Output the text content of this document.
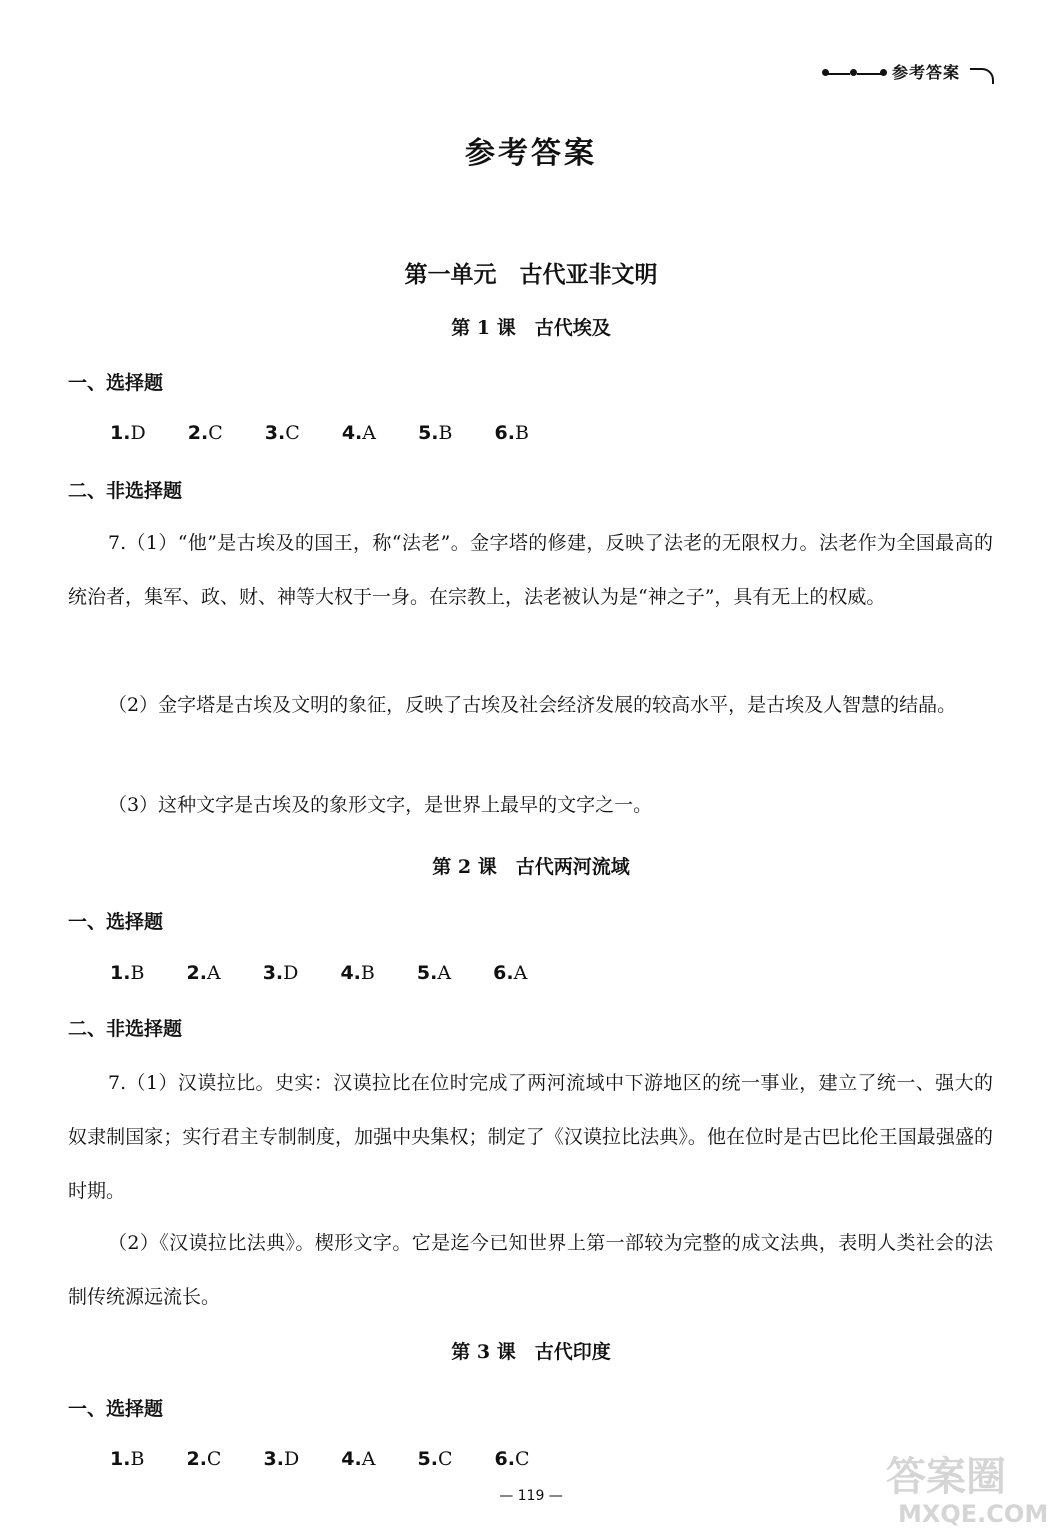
参考答案
参考答案
第一单元　古代亚非文明
第 1 课　古代埃及
一、选择题
1.D 2.C 3.C 4.A 5.B 6.B
二、非选择题
7.（1）“他”是古埃及的国王，称“法老”。金字塔的修建，反映了法老的无限权力。法老作为全国最高的统治者，集军、政、财、神等大权于一身。在宗教上，法老被认为是“神之子”，具有无上的权威。
（2）金字塔是古埃及文明的象征，反映了古埃及社会经济发展的较高水平，是古埃及人智慧的结晶。
（3）这种文字是古埃及的象形文字，是世界上最早的文字之一。
第 2 课　古代两河流域
一、选择题
1.B 2.A 3.D 4.B 5.A 6.A
二、非选择题
7.（1）汉谟拉比。史实：汉谟拉比在位时完成了两河流域中下游地区的统一事业，建立了统一、强大的奴隶制国家；实行君主专制制度，加强中央集权；制定了《汉谟拉比法典》。他在位时是古巴比伦王国最强盛的时期。
（2）《汉谟拉比法典》。楔形文字。它是迄今已知世界上第一部较为完整的成文法典，表明人类社会的法制传统源远流长。
第 3 课　古代印度
一、选择题
1.B 2.C 3.D 4.A 5.C 6.C
— 119 —	答案圈
MXQE.COM
